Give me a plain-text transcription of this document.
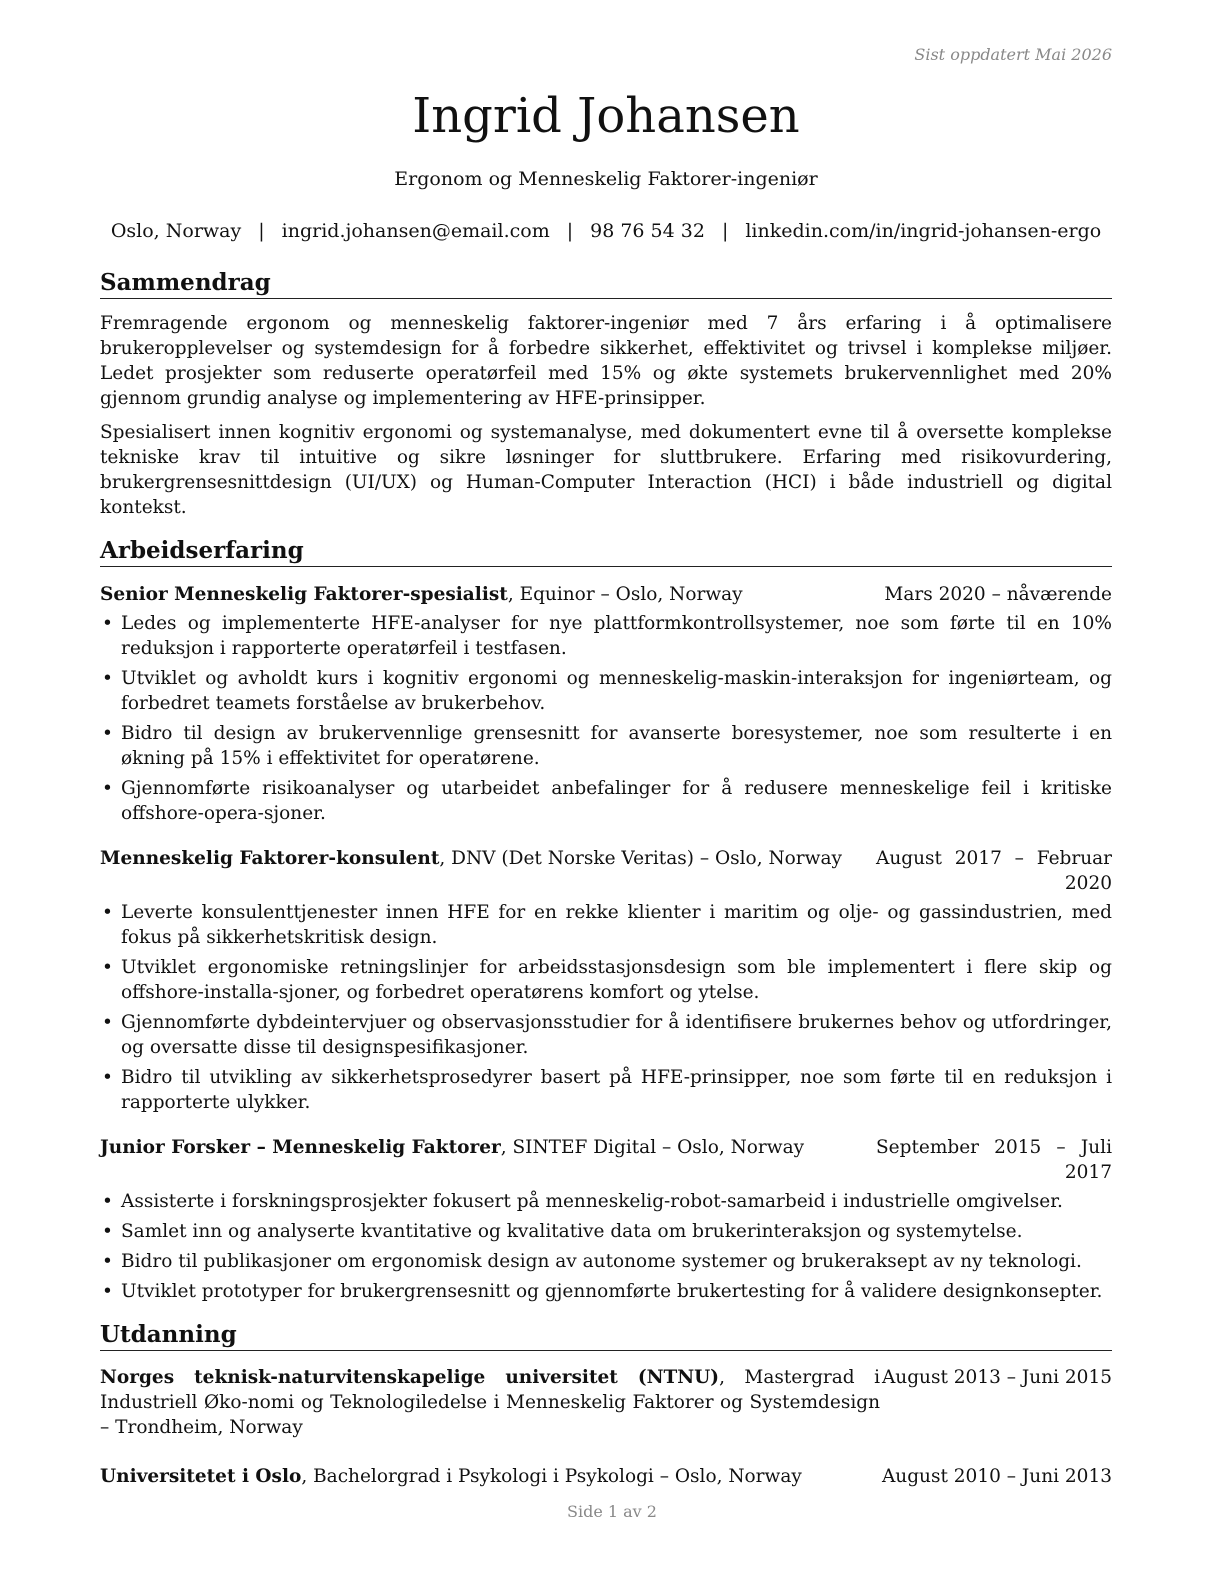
Sist oppdatert Mai 2026
Ingrid Johansen
Ergonom og Menneskelig Faktorer-ingeniør
Oslo, Norway | ingrid.johansen@email.com | 98 76 54 32 | linkedin.com/in/ingrid-johansen-ergo
Sammendrag

Fremragende ergonom og menneskelig faktorer-ingeniør med 7 års erfaring i å optimalisere brukeropplevelser og systemdesign for å forbedre sikkerhet, effektivitet og trivsel i komplekse miljøer. Ledet prosjekter som reduserte operatørfeil med 15% og økte systemets brukervennlighet med 20% gjennom grundig analyse og implementering av HFE-prinsipper.

Spesialisert innen kognitiv ergonomi og systemanalyse, med dokumentert evne til å oversette komplekse tekniske krav til intuitive og sikre løsninger for sluttbrukere. Erfaring med risikovurdering, brukergrensesnittdesign (UI/UX) og Human-Computer Interaction (HCI) i både industriell og digital kontekst.

Arbeidserfaring
Senior Menneskelig Faktorer-spesialist, Equinor – Oslo, Norway	Mars 2020 – nåværende
• Ledes og implementerte HFE-analyser for nye plattformkontrollsystemer, noe som førte til en 10% reduksjon i rapporterte operatørfeil i testfasen.
• Utviklet og avholdt kurs i kognitiv ergonomi og menneskelig-maskin-interaksjon for ingeniørteam, og forbedret teamets forståelse av brukerbehov.
• Bidro til design av brukervennlige grensesnitt for avanserte boresystemer, noe som resulterte i en økning på 15% i effektivitet for operatørene.
• Gjennomførte risikoanalyser og utarbeidet anbefalinger for å redusere menneskelige feil i kritiske offshore-opera-sjoner.
Menneskelig Faktorer-konsulent, DNV (Det Norske Veritas) – Oslo, Norway	August 2017 – Februar 2020
• Leverte konsulenttjenester innen HFE for en rekke klienter i maritim og olje- og gassindustrien, med fokus på sikkerhetskritisk design.
• Utviklet ergonomiske retningslinjer for arbeidsstasjonsdesign som ble implementert i flere skip og offshore-installa-sjoner, og forbedret operatørens komfort og ytelse.
• Gjennomførte dybdeintervjuer og observasjonsstudier for å identifisere brukernes behov og utfordringer, og oversatte disse til designspesifikasjoner.
• Bidro til utvikling av sikkerhetsprosedyrer basert på HFE-prinsipper, noe som førte til en reduksjon i rapporterte ulykker.
Junior Forsker – Menneskelig Faktorer, SINTEF Digital – Oslo, Norway	September 2015 – Juli 2017
• Assisterte i forskningsprosjekter fokusert på menneskelig-robot-samarbeid i industrielle omgivelser.
• Samlet inn og analyserte kvantitative og kvalitative data om brukerinteraksjon og systemytelse.
• Bidro til publikasjoner om ergonomisk design av autonome systemer og brukeraksept av ny teknologi.
• Utviklet prototyper for brukergrensesnitt og gjennomførte brukertesting for å validere designkonsepter.
Utdanning
Norges teknisk-naturvitenskapelige universitet (NTNU), Mastergrad i Industriell Øko-nomi og Teknologiledelse i Menneskelig Faktorer og Systemdesign – Trondheim, Norway
August 2013 – Juni 2015
Universitetet i Oslo, Bachelorgrad i Psykologi i Psykologi – Oslo, Norway	August 2010 – Juni 2013
Side 1 av 2
